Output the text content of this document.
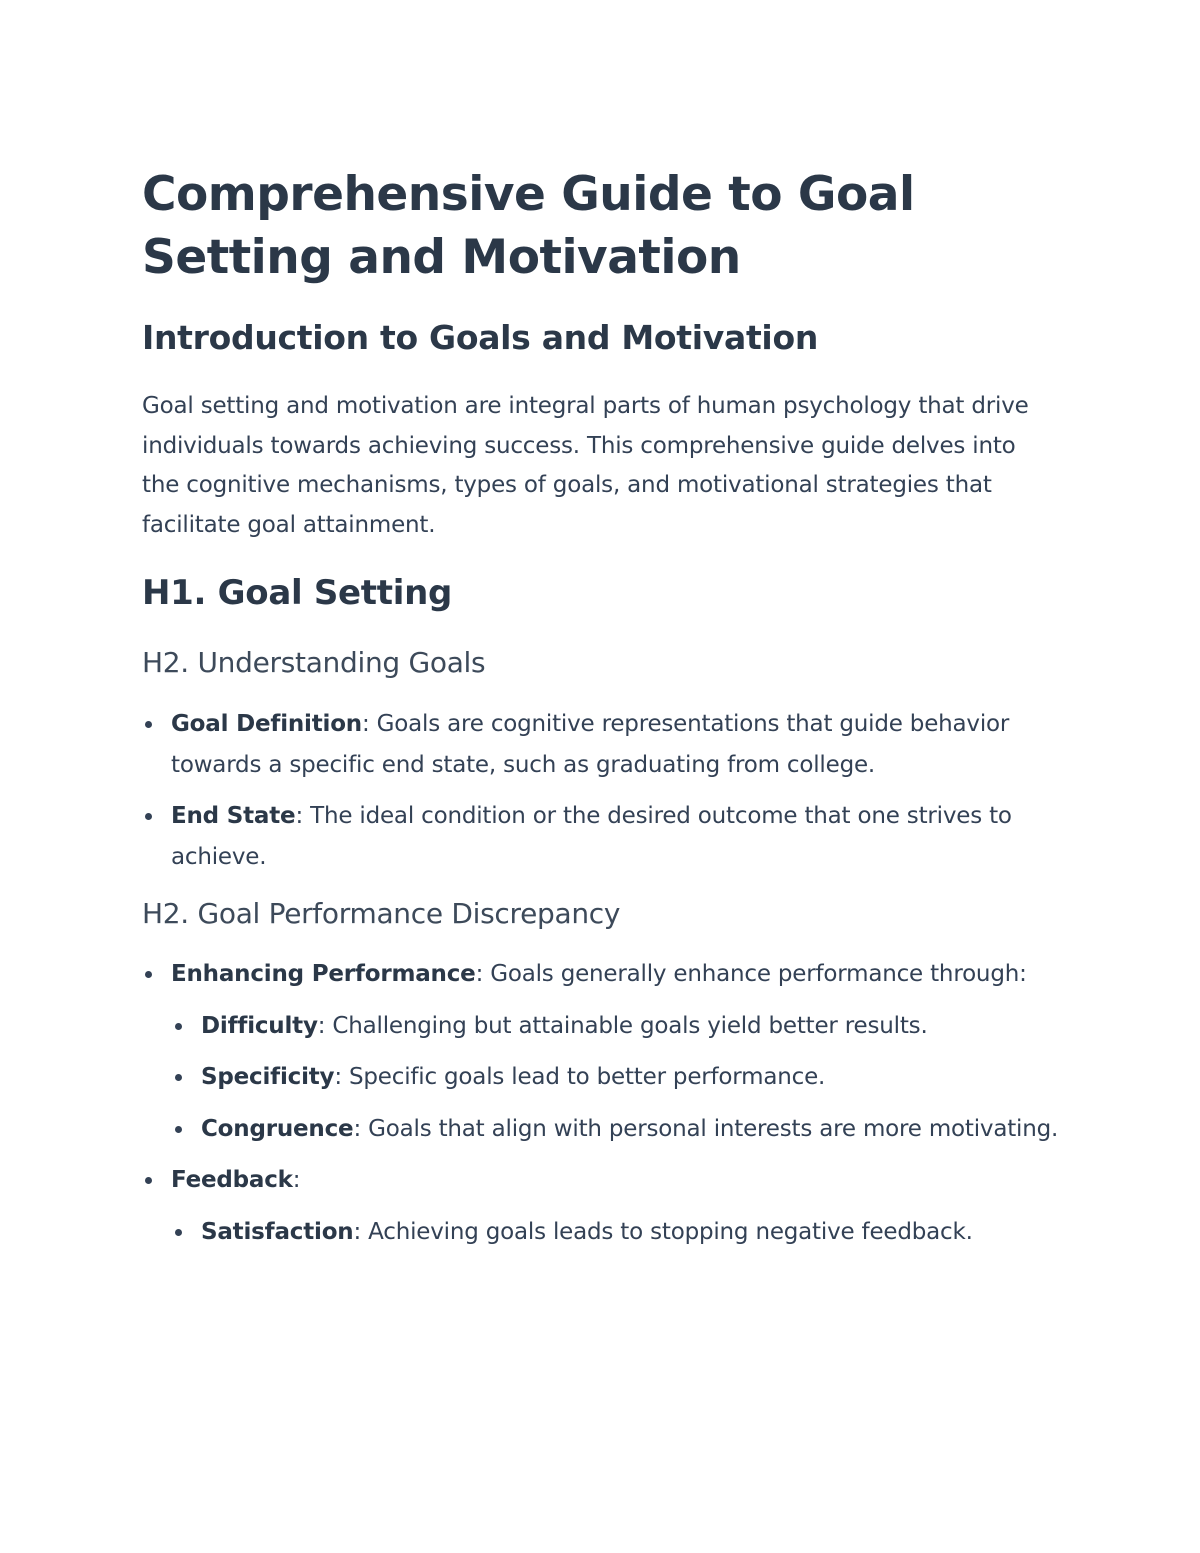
Comprehensive Guide to Goal Setting and Motivation
Introduction to Goals and Motivation

Goal setting and motivation are integral parts of human psychology that drive individuals towards achieving success. This comprehensive guide delves into the cognitive mechanisms, types of goals, and motivational strategies that facilitate goal attainment.

H1. Goal Setting
H2. Understanding Goals
Goal Definition: Goals are cognitive representations that guide behavior towards a specific end state, such as graduating from college.
End State: The ideal condition or the desired outcome that one strives to achieve.
H2. Goal Performance Discrepancy
Enhancing Performance: Goals generally enhance performance through:
Difficulty: Challenging but attainable goals yield better results.
Specificity: Specific goals lead to better performance.
Congruence: Goals that align with personal interests are more motivating.
Feedback:
Satisfaction: Achieving goals leads to stopping negative feedback.
